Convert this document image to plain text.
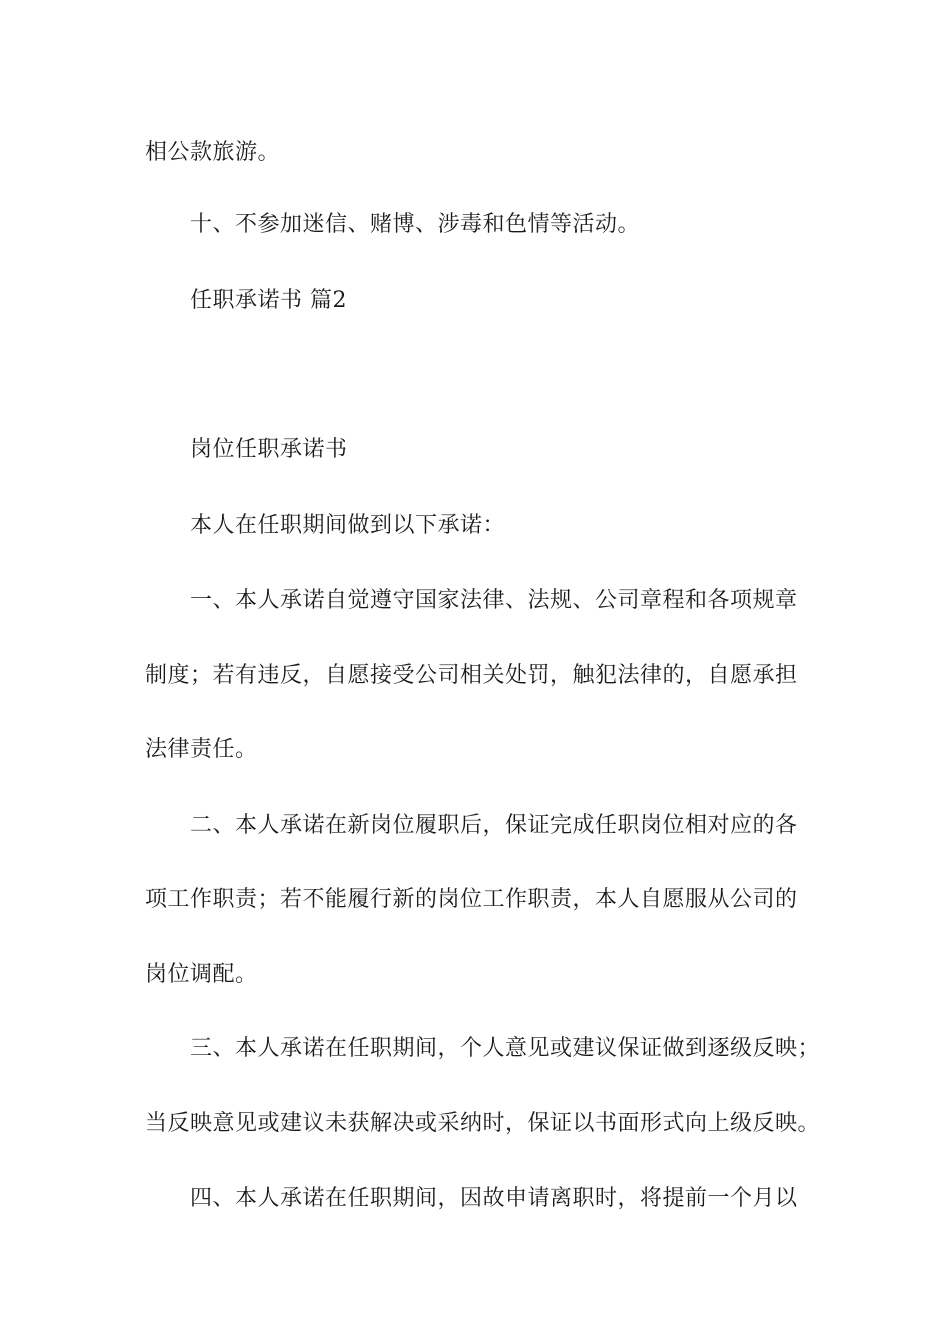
相公款旅游。
十、不参加迷信、赌博、涉毒和色情等活动。
任职承诺书 篇2
岗位任职承诺书
本人在任职期间做到以下承诺：
一、本人承诺自觉遵守国家法律、法规、公司章程和各项规章
制度；若有违反，自愿接受公司相关处罚，触犯法律的，自愿承担
法律责任。
二、本人承诺在新岗位履职后，保证完成任职岗位相对应的各
项工作职责；若不能履行新的岗位工作职责，本人自愿服从公司的
岗位调配。
三、本人承诺在任职期间，个人意见或建议保证做到逐级反映；
当反映意见或建议未获解决或采纳时，保证以书面形式向上级反映。
四、本人承诺在任职期间，因故申请离职时，将提前一个月以
